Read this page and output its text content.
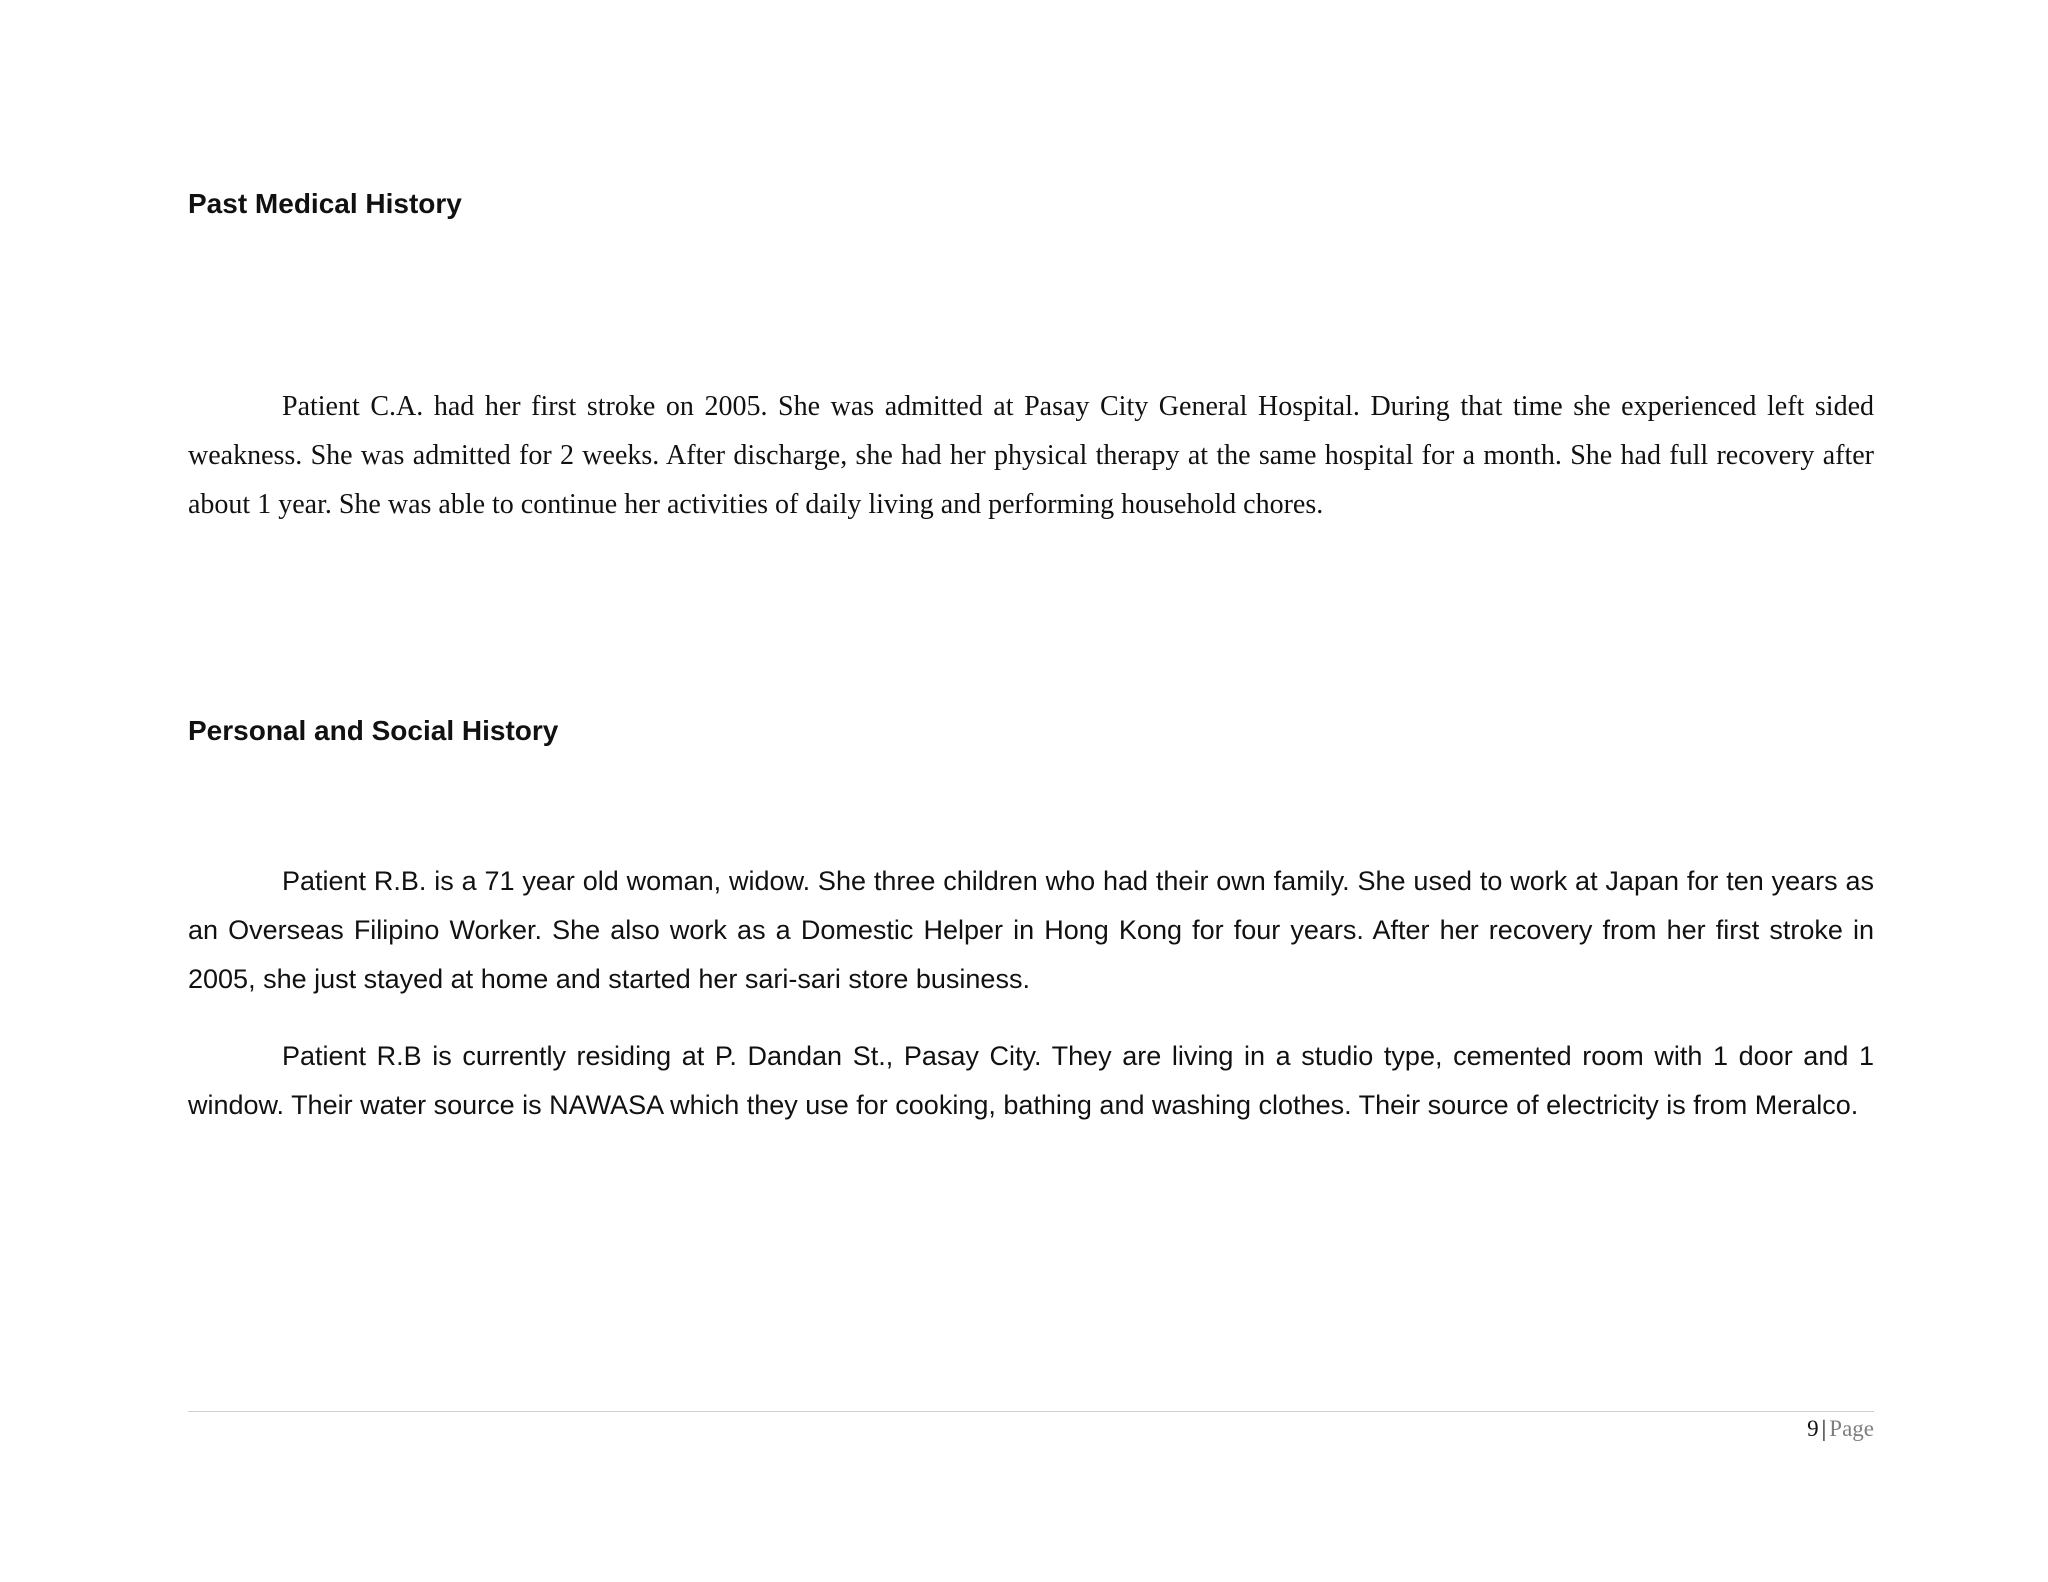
Past Medical History

Patient C.A. had her first stroke on 2005. She was admitted at Pasay City General Hospital. During that time she experienced left sided weakness. She was admitted for 2 weeks. After discharge, she had her physical therapy at the same hospital for a month. She had full recovery after about 1 year. She was able to continue her activities of daily living and performing household chores.

Personal and Social History

Patient R.B. is a 71 year old woman, widow. She three children who had their own family. She used to work at Japan for ten years as an Overseas Filipino Worker. She also work as a Domestic Helper in Hong Kong for four years. After her recovery from her first stroke in 2005, she just stayed at home and started her sari-sari store business.

Patient R.B is currently residing at P. Dandan St., Pasay City. They are living in a studio type, cemented room with 1 door and 1 window. Their water source is NAWASA which they use for cooking, bathing and washing clothes. Their source of electricity is from Meralco.

9 | Page
